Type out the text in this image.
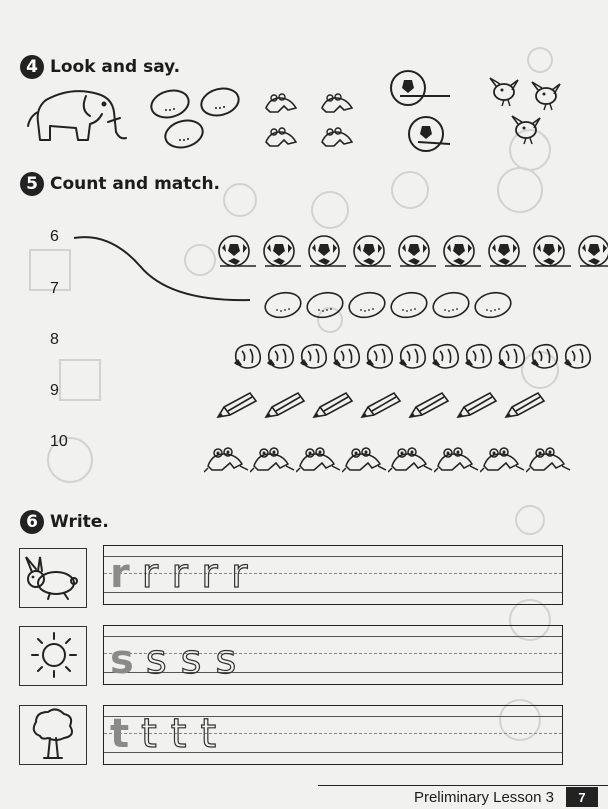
4 Look and say.
5 Count and match.
6
7
8
9
10
6 Write.
r rrrr
s sss
t ttt
Preliminary Lesson 3	7
